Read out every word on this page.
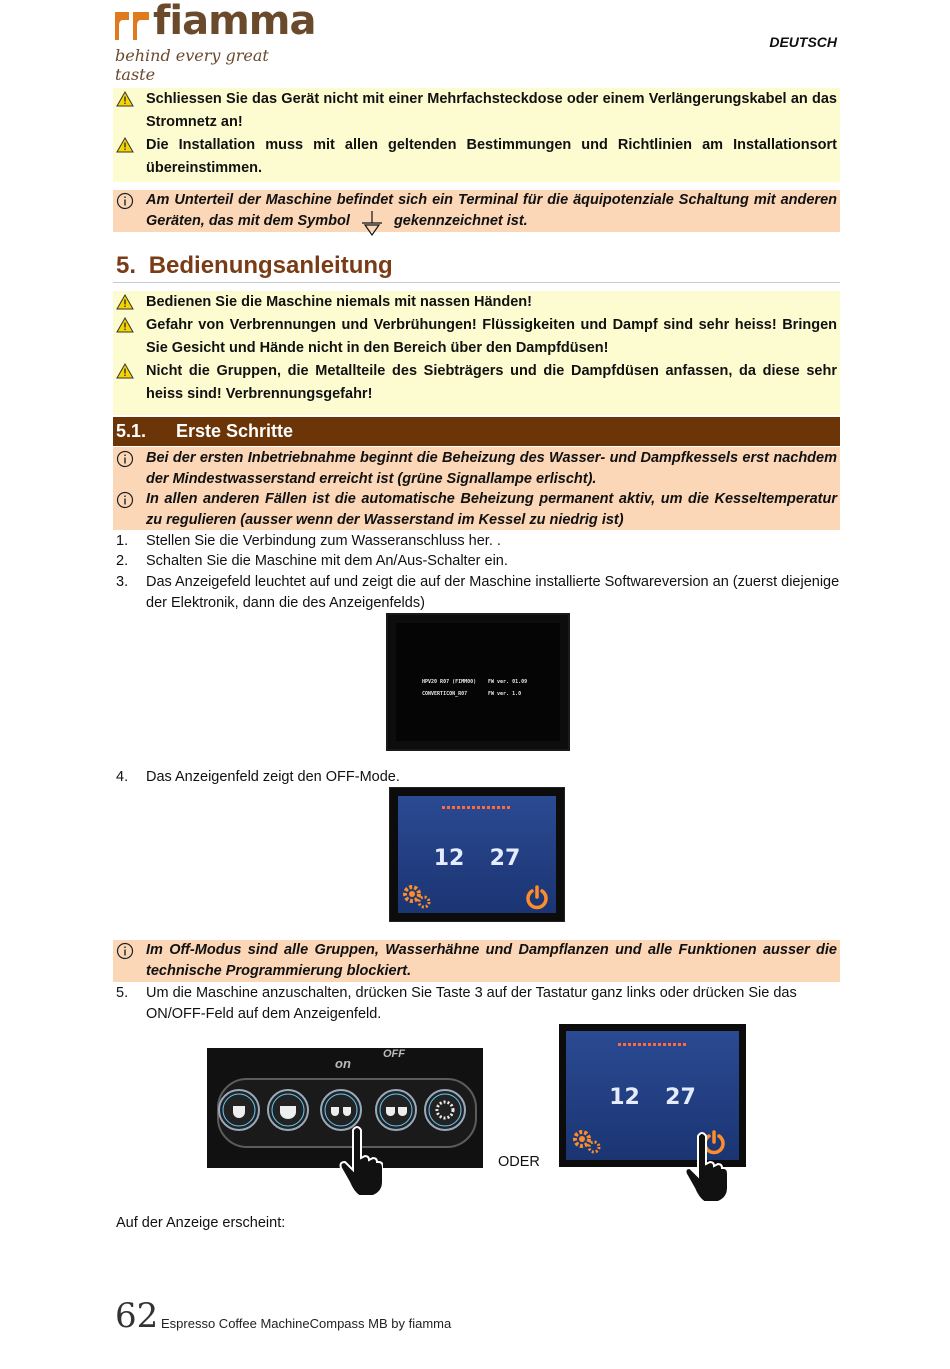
fiamma
behind every great taste
DEUTSCH
Schliessen Sie das Gerät nicht mit einer Mehrfachsteckdose oder einem Verlängerungskabel an das Stromnetz an!
Die Installation muss mit allen geltenden Bestimmungen und Richtlinien am Installationsort übereinstimmen.
Am Unterteil der Maschine befindet sich ein Terminal für die äquipotenziale Schaltung mit anderen Geräten, das mit dem Symbol	gekennzeichnet ist.
5. Bedienungsanleitung
Bedienen Sie die Maschine niemals mit nassen Händen!
Gefahr von Verbrennungen und Verbrühungen! Flüssigkeiten und Dampf sind sehr heiss! Bringen Sie Gesicht und Hände nicht in den Bereich über den Dampfdüsen!
Nicht die Gruppen, die Metallteile des Siebträgers und die Dampfdüsen anfassen, da diese sehr heiss sind! Verbrennungsgefahr!
5.1. Erste Schritte
Bei der ersten Inbetriebnahme beginnt die Beheizung des Wasser- und Dampfkessels erst nachdem der Mindestwasserstand erreicht ist (grüne Signallampe erlischt).
In allen anderen Fällen ist die automatische Beheizung permanent aktiv, um die Kesseltemperatur zu regulieren (ausser wenn der Wasserstand im Kessel zu niedrig ist)
1. Stellen Sie die Verbindung zum Wasseranschluss her. .
2. Schalten Sie die Maschine mit dem An/Aus-Schalter ein.
3. Das Anzeigefeld leuchtet auf und zeigt die auf der Maschine installierte Softwareversion an (zuerst diejenige der Elektronik, dann die des Anzeigenfelds)
4. Das Anzeigenfeld zeigt den OFF-Mode.
HPV20 R07 (FIMM00) FW ver. 01.09
CONVERTICON_R07	FW ver. 1.0
12 27
Im Off-Modus sind alle Gruppen, Wasserhähne und Dampflanzen und alle Funktionen ausser die technische Programmierung blockiert.
5. Um die Maschine anzuschalten, drücken Sie Taste 3 auf der Tastatur ganz links oder drücken Sie das ON/OFF-Feld auf dem Anzeigenfeld.
on
OFF
ODER
12 27
Auf der Anzeige erscheint:
62 Espresso Coffee MachineCompass MB by fiamma
